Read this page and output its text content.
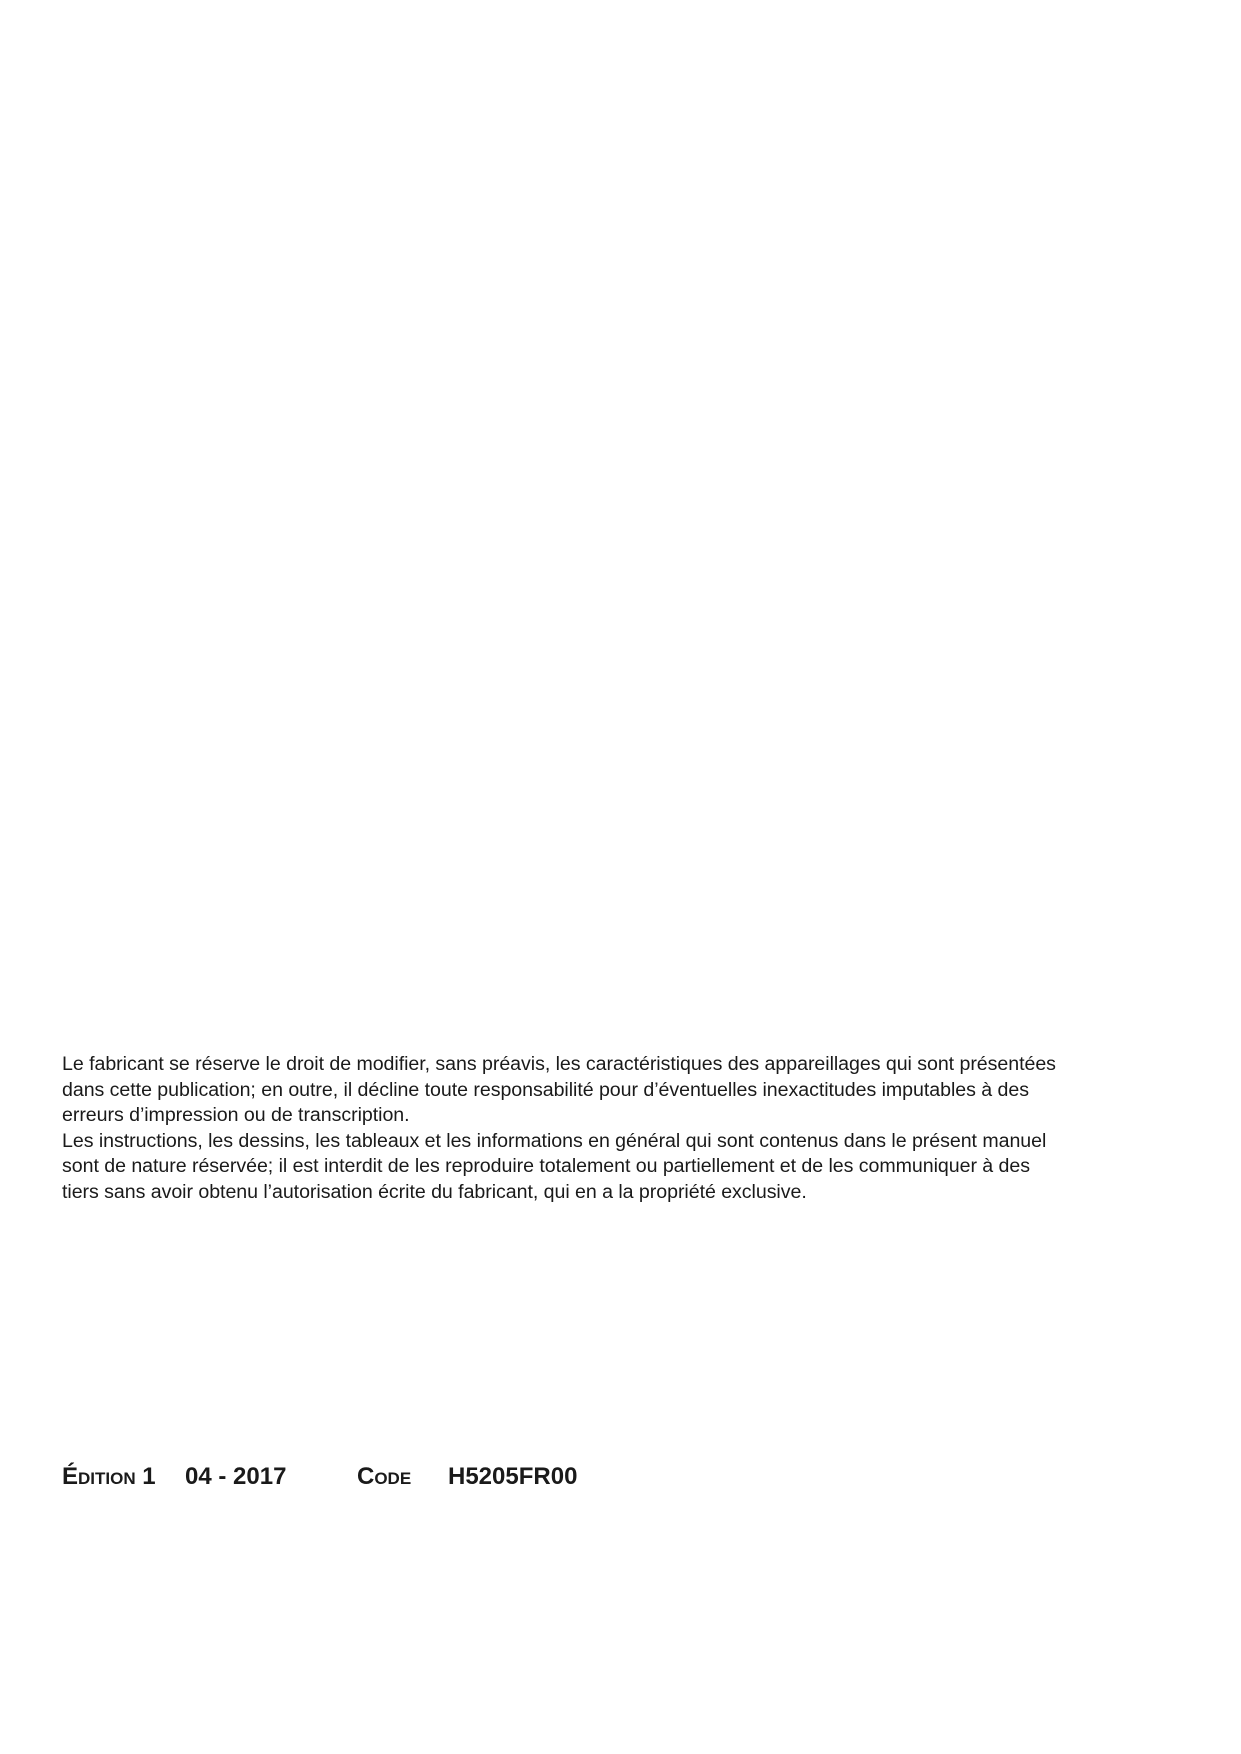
Le fabricant se réserve le droit de modifier, sans préavis, les caractéristiques des appareillages qui sont présentées
dans cette publication; en outre, il décline toute responsabilité pour d’éventuelles inexactitudes imputables à des
erreurs d’impression ou de transcription.
Les instructions, les dessins, les tableaux et les informations en général qui sont contenus dans le présent manuel
sont de nature réservée; il est interdit de les reproduire totalement ou partiellement et de les communiquer à des
tiers sans avoir obtenu l’autorisation écrite du fabricant, qui en a la propriété exclusive.
Édition 1 04 - 2017	Code H5205FR00
